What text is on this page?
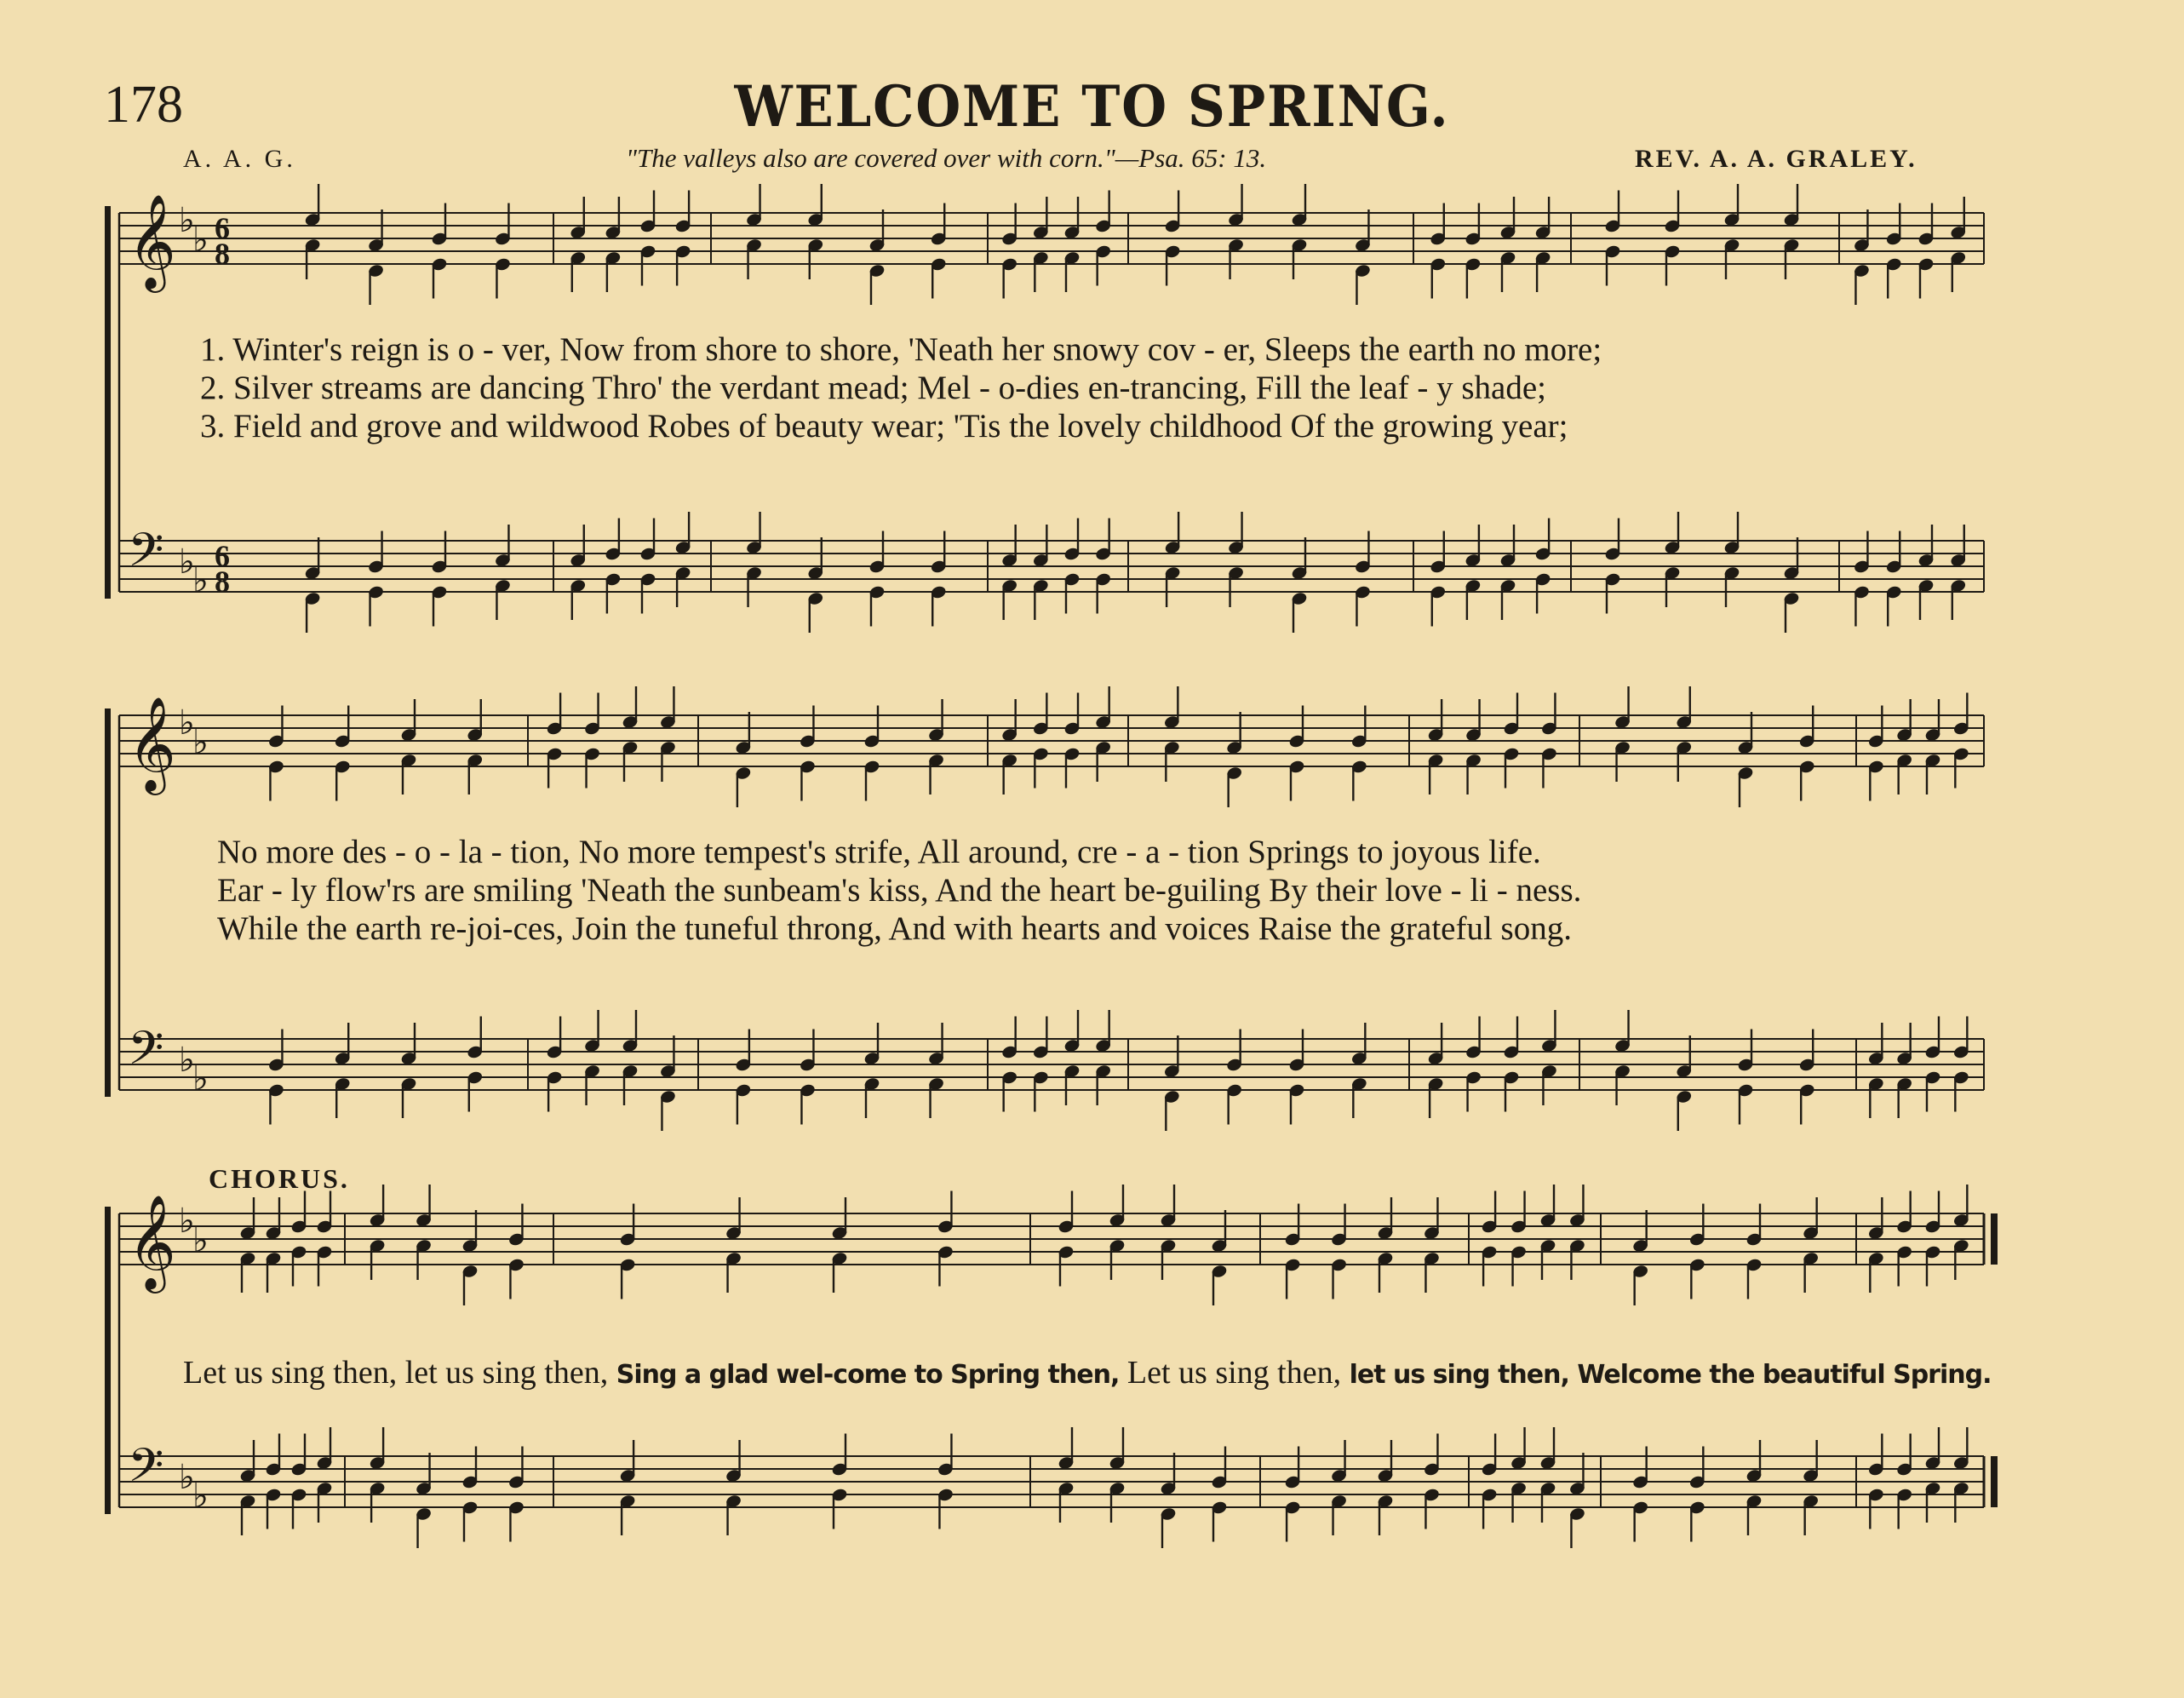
178	WELCOME TO SPRING.
A. A. G.	"The valleys also are covered over with corn."—Psa. 65: 13.	REV. A. A. GRALEY.
𝄞 ♭
♭ 6
8
𝄢 ♭
♭
6
8
𝄞 ♭
♭
𝄢 ♭
♭
𝄞 ♭
♭
𝄢 ♭
♭
1. Winter's reign is o - ver, Now from shore to shore, 'Neath her snowy cov - er, Sleeps the earth no more;
2. Silver streams are dancing Thro' the verdant mead; Mel - o-dies en-trancing, Fill the leaf - y shade;
3. Field and grove and wildwood Robes of beauty wear; 'Tis the lovely childhood Of the growing year;
No more des - o - la - tion, No more tempest's strife, All around, cre - a - tion Springs to joyous life.
Ear - ly flow'rs are smiling 'Neath the sunbeam's kiss, And the heart be-guiling By their love - li - ness.
While the earth re-joi-ces, Join the tuneful throng, And with hearts and voices Raise the grateful song.
CHORUS.
Let us sing then, let us sing then, Sing a glad wel-come to Spring then, Let us sing then, let us sing then, Welcome the beautiful Spring.
